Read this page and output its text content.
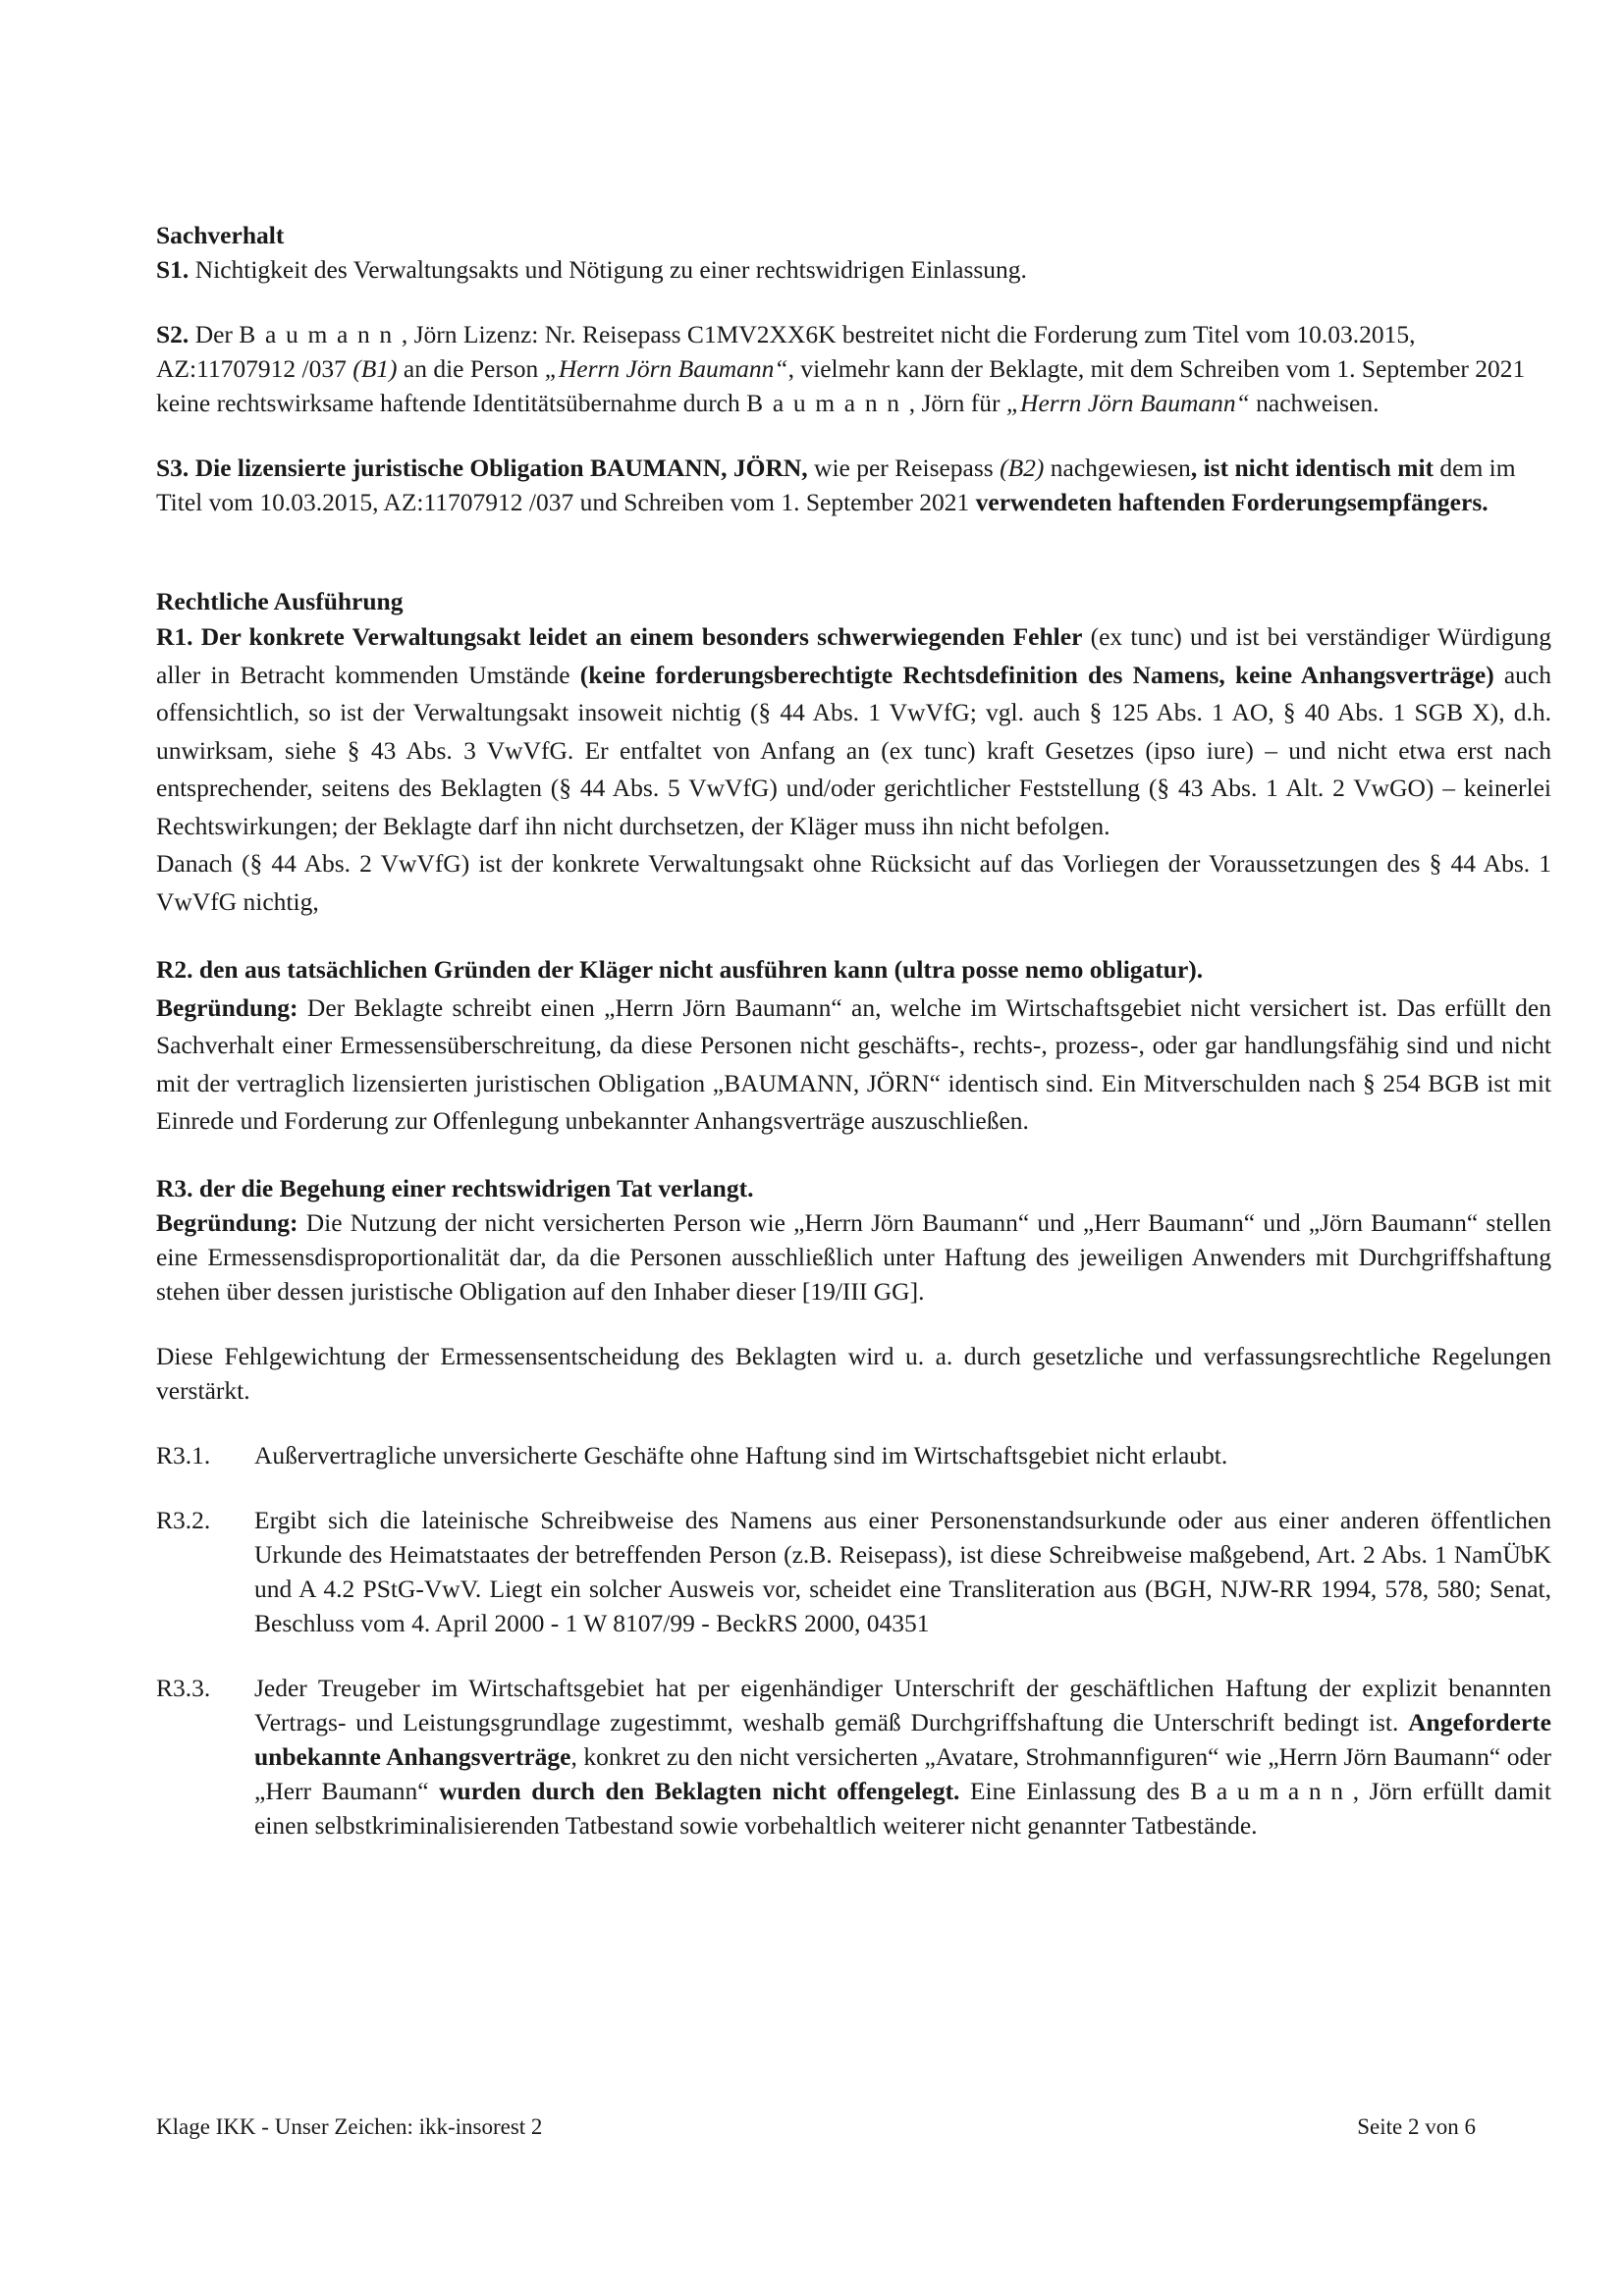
Sachverhalt
S1. Nichtigkeit des Verwaltungsakts und Nötigung zu einer rechtswidrigen Einlassung.

S2. Der Baumann, Jörn Lizenz: Nr. Reisepass C1MV2XX6K bestreitet nicht die Forderung zum Titel vom 10.03.2015, AZ:11707912 /037 (B1) an die Person „Herrn Jörn Baumann“, vielmehr kann der Beklagte, mit dem Schreiben vom 1. September 2021 keine rechtswirksame haftende Identitätsübernahme durch Baumann, Jörn für „Herrn Jörn Baumann“ nachweisen.

S3. Die lizensierte juristische Obligation BAUMANN, JÖRN, wie per Reisepass (B2) nachgewiesen, ist nicht identisch mit dem im Titel vom 10.03.2015, AZ:11707912 /037 und Schreiben vom 1. September 2021 verwendeten haftenden Forderungsempfängers.

Rechtliche Ausführung

R1. Der konkrete Verwaltungsakt leidet an einem besonders schwerwiegenden Fehler (ex tunc) und ist bei verständiger Würdigung aller in Betracht kommenden Umstände (keine forderungsberechtigte Rechtsdefinition des Namens, keine Anhangsverträge) auch offensichtlich, so ist der Verwaltungsakt insoweit nichtig (§ 44 Abs. 1 VwVfG; vgl. auch § 125 Abs. 1 AO, § 40 Abs. 1 SGB X), d.h. unwirksam, siehe § 43 Abs. 3 VwVfG. Er entfaltet von Anfang an (ex tunc) kraft Gesetzes (ipso iure) – und nicht etwa erst nach entsprechender, seitens des Beklagten (§ 44 Abs. 5 VwVfG) und/oder gerichtlicher Feststellung (§ 43 Abs. 1 Alt. 2 VwGO) – keinerlei Rechtswirkungen; der Beklagte darf ihn nicht durchsetzen, der Kläger muss ihn nicht befolgen.

Danach (§ 44 Abs. 2 VwVfG) ist der konkrete Verwaltungsakt ohne Rücksicht auf das Vorliegen der Voraussetzungen des § 44 Abs. 1 VwVfG nichtig,

R2. den aus tatsächlichen Gründen der Kläger nicht ausführen kann (ultra posse nemo obligatur).

Begründung: Der Beklagte schreibt einen „Herrn Jörn Baumann“ an, welche im Wirtschaftsgebiet nicht versichert ist. Das erfüllt den Sachverhalt einer Ermessensüberschreitung, da diese Personen nicht geschäfts-, rechts-, prozess-, oder gar handlungsfähig sind und nicht mit der vertraglich lizensierten juristischen Obligation „BAUMANN, JÖRN“ identisch sind. Ein Mitverschulden nach § 254 BGB ist mit Einrede und Forderung zur Offenlegung unbekannter Anhangsverträge auszuschließen.

R3. der die Begehung einer rechtswidrigen Tat verlangt.

Begründung: Die Nutzung der nicht versicherten Person wie „Herrn Jörn Baumann“ und „Herr Baumann“ und „Jörn Baumann“ stellen eine Ermessensdisproportionalität dar, da die Personen ausschließlich unter Haftung des jeweiligen Anwenders mit Durchgriffshaftung stehen über dessen juristische Obligation auf den Inhaber dieser [19/III GG].

Diese Fehlgewichtung der Ermessensentscheidung des Beklagten wird u. a. durch gesetzliche und verfassungsrechtliche Regelungen verstärkt.

R3.1.	Außervertragliche unversicherte Geschäfte ohne Haftung sind im Wirtschaftsgebiet nicht erlaubt.
R3.2.	Ergibt sich die lateinische Schreibweise des Namens aus einer Personenstandsurkunde oder aus einer anderen öffentlichen Urkunde des Heimatstaates der betreffenden Person (z.B. Reisepass), ist diese Schreibweise maßgebend, Art. 2 Abs. 1 NamÜbK und A 4.2 PStG-VwV. Liegt ein solcher Ausweis vor, scheidet eine Transliteration aus (BGH, NJW-RR 1994, 578, 580; Senat, Beschluss vom 4. April 2000 - 1 W 8107/99 - BeckRS 2000, 04351
R3.3.	Jeder Treugeber im Wirtschaftsgebiet hat per eigenhändiger Unterschrift der geschäftlichen Haftung der explizit benannten Vertrags- und Leistungsgrundlage zugestimmt, weshalb gemäß Durchgriffshaftung die Unterschrift bedingt ist. Angeforderte unbekannte Anhangsverträge, konkret zu den nicht versicherten „Avatare, Strohmannfiguren“ wie „Herrn Jörn Baumann“ oder „Herr Baumann“ wurden durch den Beklagten nicht offengelegt. Eine Einlassung des Baumann, Jörn erfüllt damit einen selbstkriminalisierenden Tatbestand sowie vorbehaltlich weiterer nicht genannter Tatbestände.
Klage IKK - Unser Zeichen: ikk-insorest 2	Seite 2 von 6
